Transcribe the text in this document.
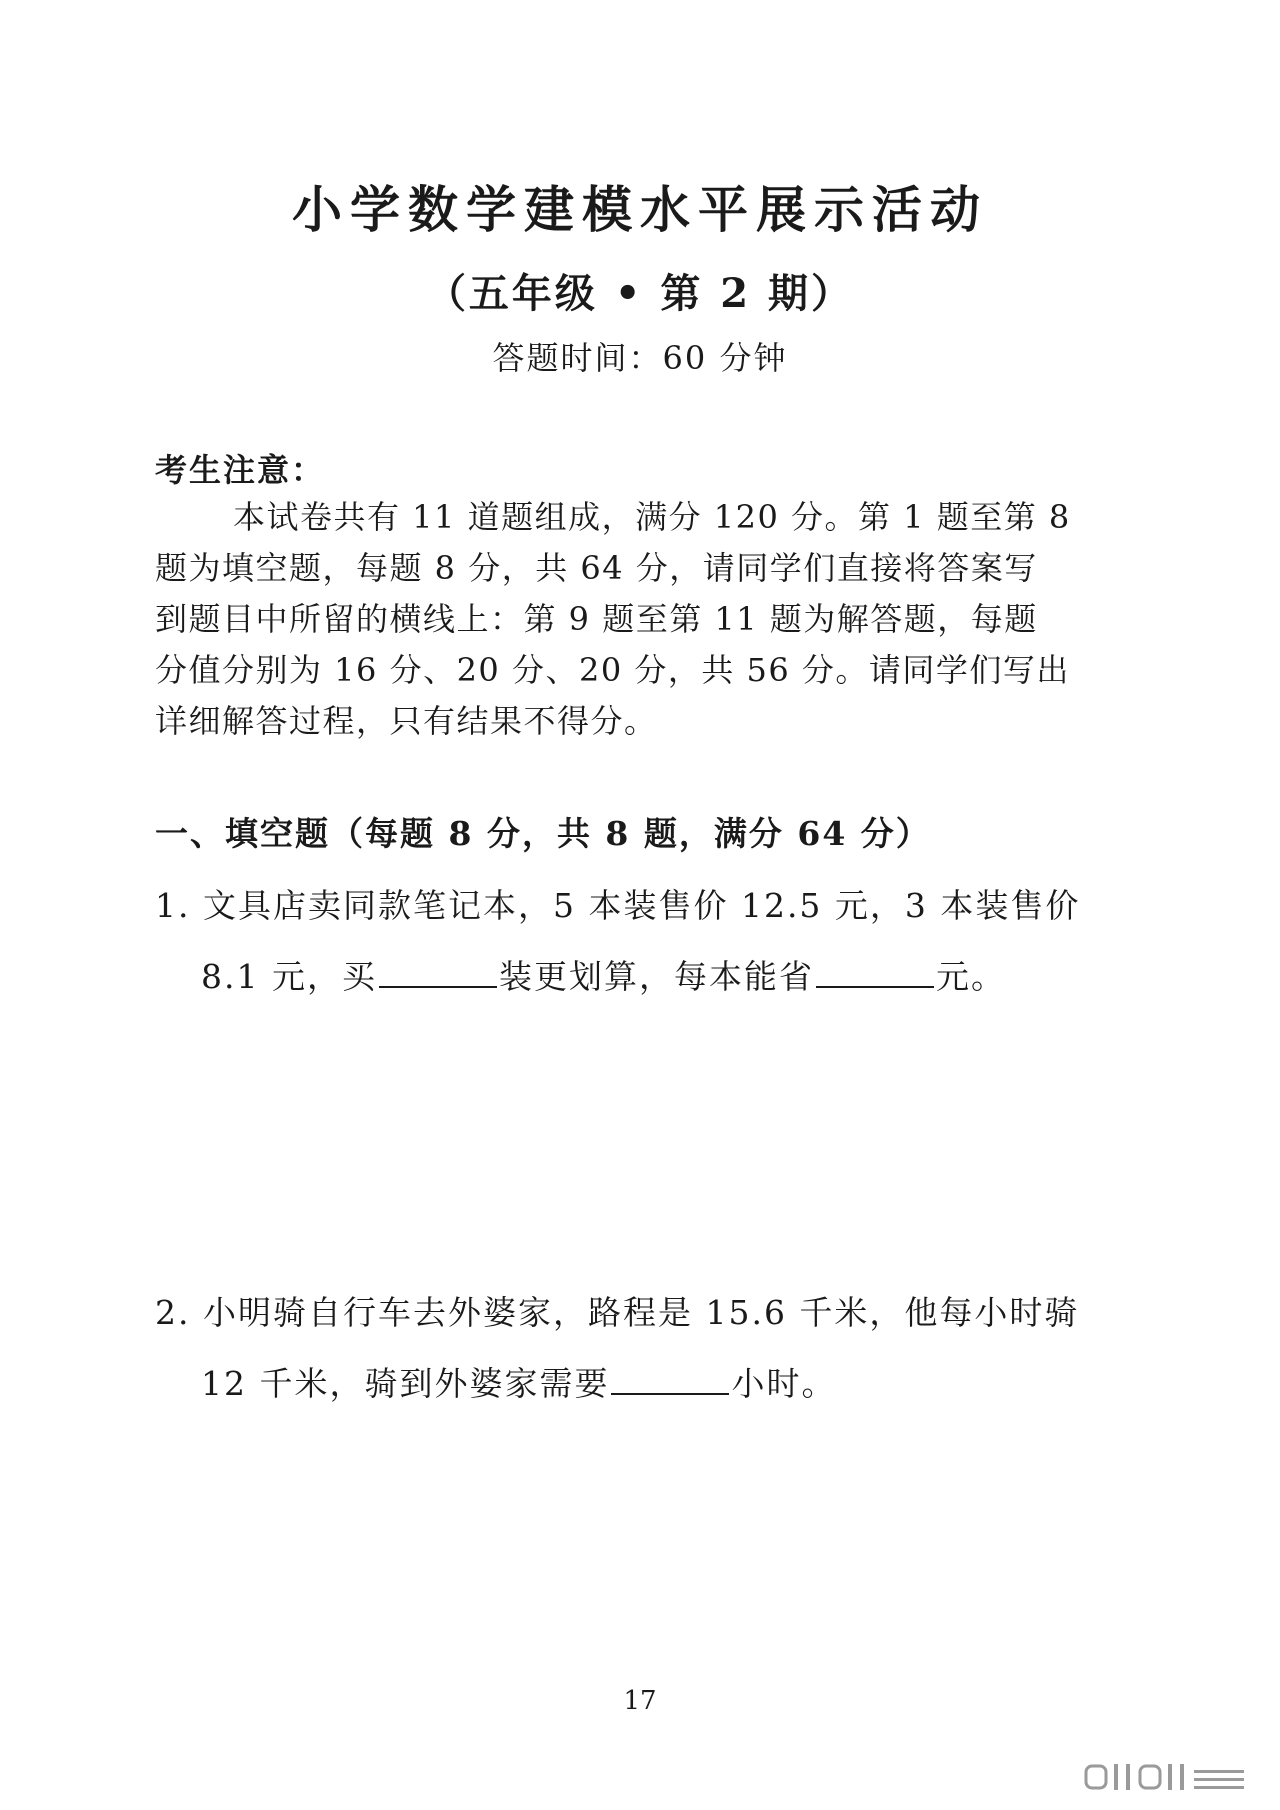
小学数学建模水平展示活动
（五年级 • 第 2 期）
答题时间：60 分钟
考生注意：
本试卷共有 11 道题组成，满分 120 分。第 1 题至第 8
题为填空题，每题 8 分，共 64 分，请同学们直接将答案写
到题目中所留的横线上：第 9 题至第 11 题为解答题，每题
分值分别为 16 分、20 分、20 分，共 56 分。请同学们写出
详细解答过程，只有结果不得分。
一、填空题（每题 8 分，共 8 题，满分 64 分）
1. 文具店卖同款笔记本，5 本装售价 12.5 元，3 本装售价
8.1 元，买	装更划算，每本能省	元。
2. 小明骑自行车去外婆家，路程是 15.6 千米，他每小时骑
12 千米，骑到外婆家需要	小时。
17
